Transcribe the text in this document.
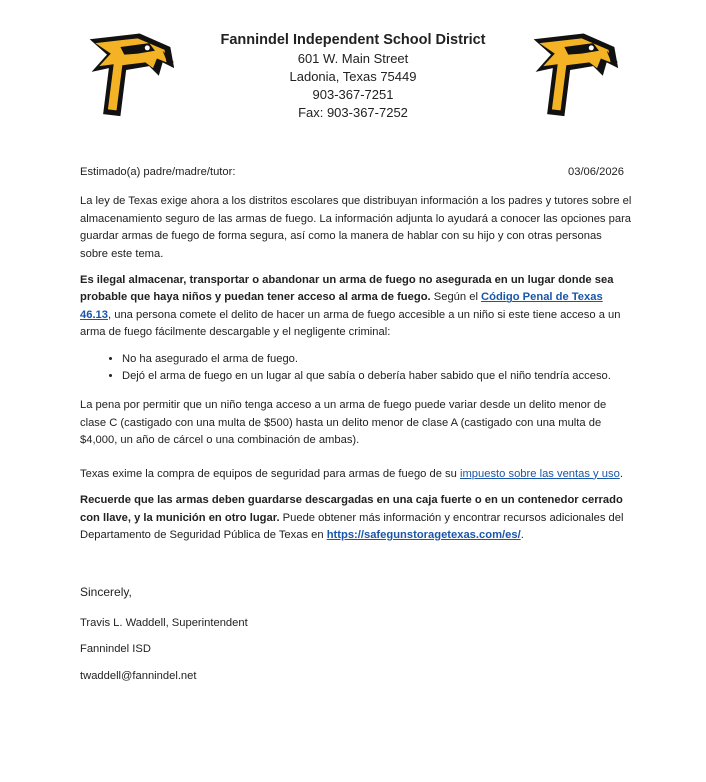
Fannindel Independent School District
601 W. Main Street
Ladonia, Texas 75449
903-367-7251
Fax: 903-367-7252
Estimado(a) padre/madre/tutor:	03/06/2026

La ley de Texas exige ahora a los distritos escolares que distribuyan información a los padres y tutores sobre el almacenamiento seguro de las armas de fuego. La información adjunta lo ayudará a conocer las opciones para guardar armas de fuego de forma segura, así como la manera de hablar con su hijo y con otras personas sobre este tema.

Es ilegal almacenar, transportar o abandonar un arma de fuego no asegurada en un lugar donde sea probable que haya niños y puedan tener acceso al arma de fuego. Según el Código Penal de Texas 46.13, una persona comete el delito de hacer un arma de fuego accesible a un niño si este tiene acceso a un arma de fuego fácilmente descargable y el negligente criminal:

• No ha asegurado el arma de fuego.
• Dejó el arma de fuego en un lugar al que sabía o debería haber sabido que el niño tendría acceso.

La pena por permitir que un niño tenga acceso a un arma de fuego puede variar desde un delito menor de clase C (castigado con una multa de $500) hasta un delito menor de clase A (castigado con una multa de $4,000, un año de cárcel o una combinación de ambas).

Texas exime la compra de equipos de seguridad para armas de fuego de su impuesto sobre las ventas y uso.

Recuerde que las armas deben guardarse descargadas en una caja fuerte o en un contenedor cerrado con llave, y la munición en otro lugar. Puede obtener más información y encontrar recursos adicionales del Departamento de Seguridad Pública de Texas en https://safegunstoragetexas.com/es/.

Sincerely,

Travis L. Waddell, Superintendent

Fannindel ISD

twaddell@fannindel.net
